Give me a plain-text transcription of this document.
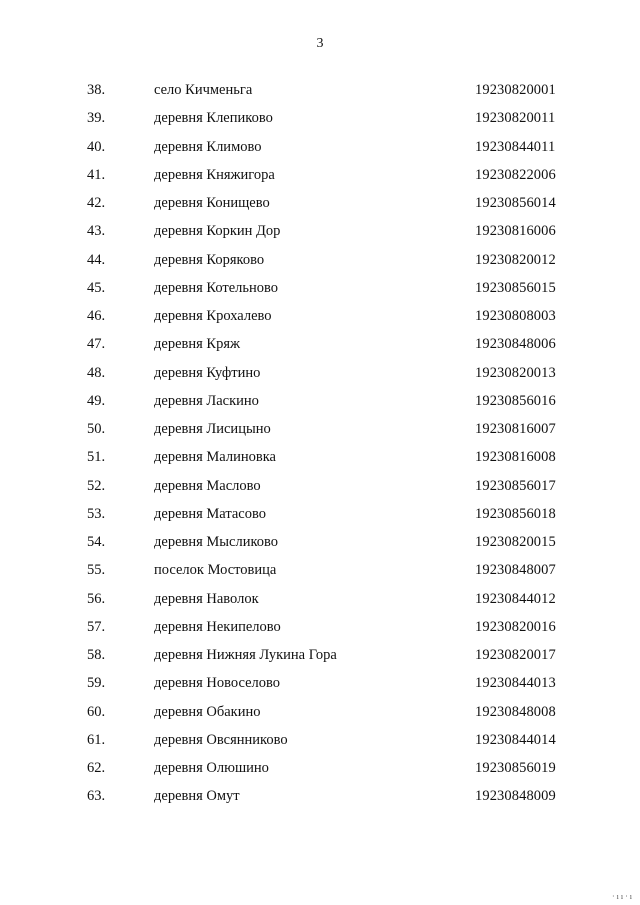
3
38.	село Кичменьга	19230820001
39.	деревня Клепиково	19230820011
40.	деревня Климово	19230844011
41.	деревня Княжигора	19230822006
42.	деревня Конищево	19230856014
43.	деревня Коркин Дор	19230816006
44.	деревня Коряково	19230820012
45.	деревня Котельново	19230856015
46.	деревня Крохалево	19230808003
47.	деревня Кряж	19230848006
48.	деревня Куфтино	19230820013
49.	деревня Ласкино	19230856016
50.	деревня Лисицыно	19230816007
51.	деревня Малиновка	19230816008
52.	деревня Маслово	19230856017
53.	деревня Матасово	19230856018
54.	деревня Мысликово	19230820015
55.	поселок Мостовица	19230848007
56.	деревня Наволок	19230844012
57.	деревня Некипелово	19230820016
58.	деревня Нижняя Лукина Гора	19230820017
59.	деревня Новоселово	19230844013
60.	деревня Обакино	19230848008
61.	деревня Овсянниково	19230844014
62.	деревня Олюшино	19230856019
63.	деревня Омут	19230848009
· ı ı · ı
